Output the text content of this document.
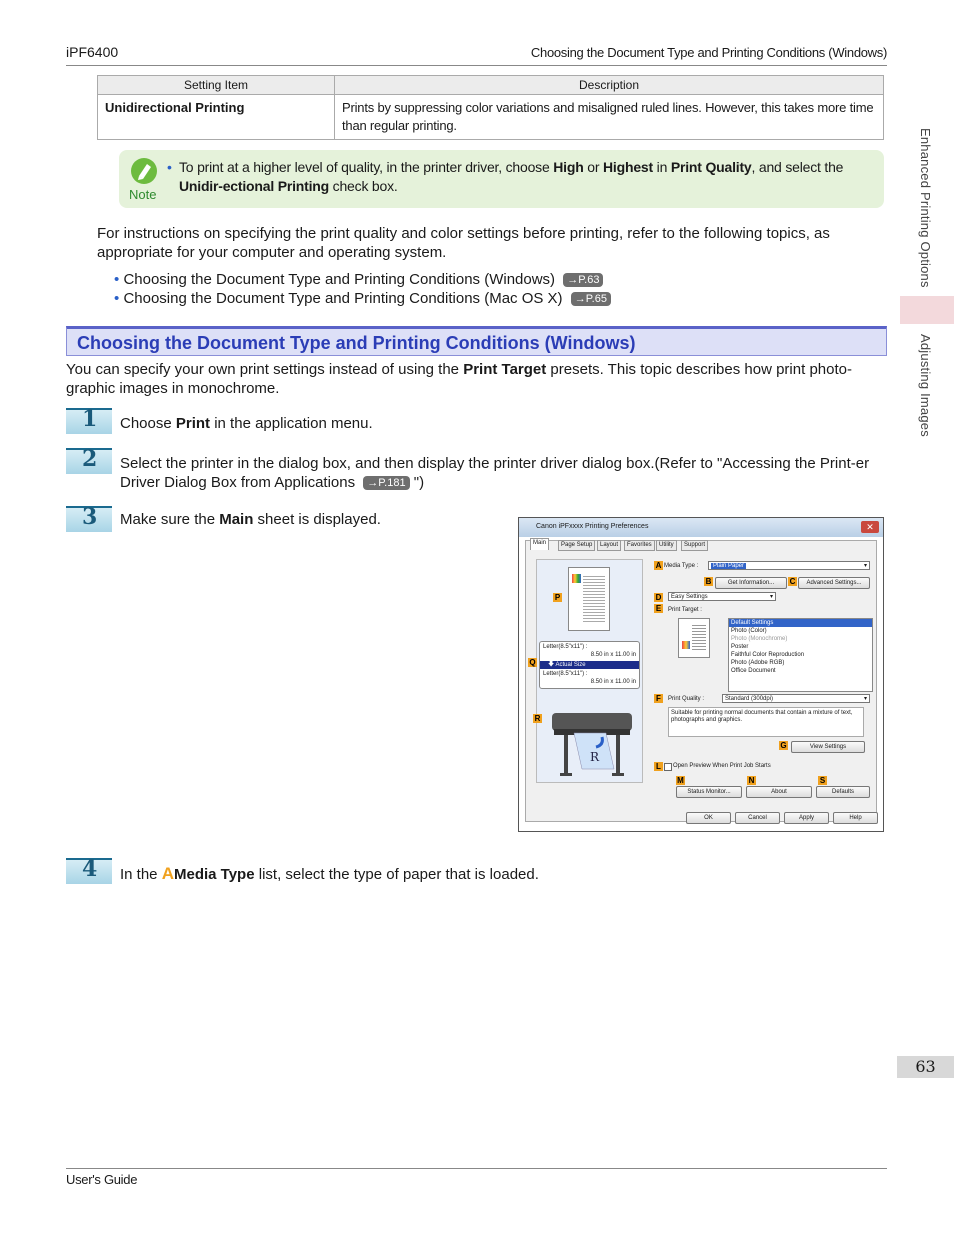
iPF6400	Choosing the Document Type and Printing Conditions (Windows)
Setting Item	Description
Unidirectional Printing	Prints by suppressing color variations and misaligned ruled lines. However, this takes more time than regular printing.
Note
• To print at a higher level of quality, in the printer driver, choose High or Highest in Print Quality, and select the Unidir-ectional Printing check box.
For instructions on specifying the print quality and color settings before printing, refer to the following topics, as appropriate for your computer and operating system.
• Choosing the Document Type and Printing Conditions (Windows) →P.63
• Choosing the Document Type and Printing Conditions (Mac OS X) →P.65
Choosing the Document Type and Printing Conditions (Windows)
You can specify your own print settings instead of using the Print Target presets. This topic describes how print photo-graphic images in monochrome.
1 Choose Print in the application menu.
2 Select the printer in the dialog box, and then display the printer driver dialog box.(Refer to "Accessing the Print-er Driver Dialog Box from Applications →P.181 ")
3 Make sure the Main sheet is displayed.	Canon iPFxxxx Printing Preferences	✕
Main	Page Setup	Layout	Favorites	Utility	Support
Letter(8.5"x11") :
8.50 in x 11.00 in
🡇 Actual Size
Letter(8.5"x11") :
8.50 in x 11.00 in
R
P
Q
R
A Media Type :	Plain Paper	▾
B	Get Information...	C	Advanced Settings...
D	Easy Settings	▾
E	Print Target :
Default Settings
Photo (Color)
Photo (Monochrome)
Poster
Faithful Color Reproduction
Photo (Adobe RGB)
Office Document
F	Print Quality :	Standard (300dpi)	▾
Suitable for printing normal documents that contain a mixture of text, photographs and graphics.
G	View Settings
L	Open Preview When Print Job Starts
M	N	S
Status Monitor...	About	Defaults
OK	Cancel	Apply	Help
4 In the AMedia Type list, select the type of paper that is loaded.
Enhanced Printing Options
Adjusting Images
63
User's Guide
